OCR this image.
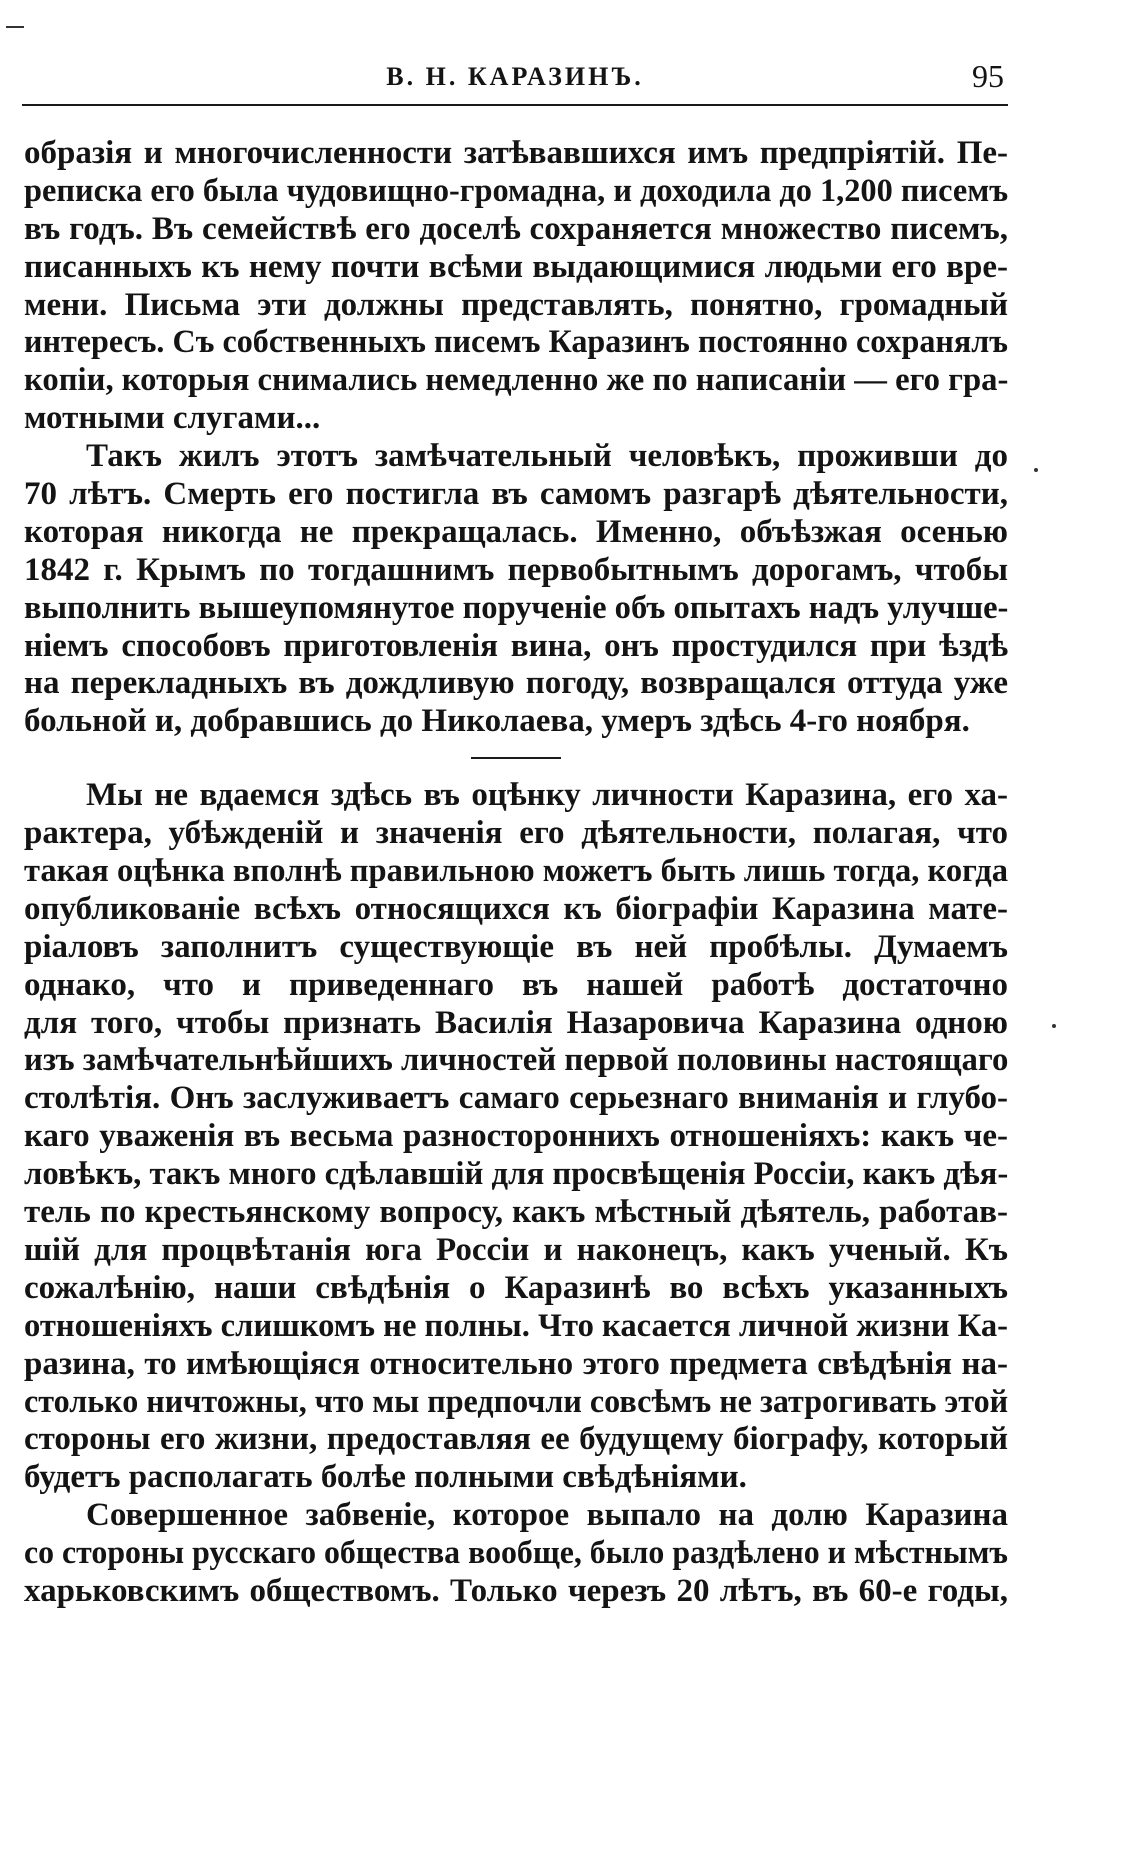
В. Н. КАРАЗИНЪ.	95
образія и многочисленности затѣвавшихся имъ предпріятій. Пе-
реписка его была чудовищно-громадна, и доходила до 1,200 писемъ
въ годъ. Въ семействѣ его доселѣ сохраняется множество писемъ,
писанныхъ къ нему почти всѣми выдающимися людьми его вре-
мени. Письма эти должны представлять, понятно, громадный
интересъ. Съ собственныхъ писемъ Каразинъ постоянно сохранялъ
копіи, которыя снимались немедленно же по написаніи — его гра-
мотными слугами...
Такъ жилъ этотъ замѣчательный человѣкъ, проживши до
70 лѣтъ. Смерть его постигла въ самомъ разгарѣ дѣятельности,
которая никогда не прекращалась. Именно, объѣзжая осенью
1842 г. Крымъ по тогдашнимъ первобытнымъ дорогамъ, чтобы
выполнить вышеупомянутое порученіе объ опытахъ надъ улучше-
ніемъ способовъ приготовленія вина, онъ простудился при ѣздѣ
на перекладныхъ въ дождливую погоду, возвращался оттуда уже
больной и, добравшись до Николаева, умеръ здѣсь 4-го ноября.
Мы не вдаемся здѣсь въ оцѣнку личности Каразина, его ха-
рактера, убѣжденій и значенія его дѣятельности, полагая, что
такая оцѣнка вполнѣ правильною можетъ быть лишь тогда, когда
опубликованіе всѣхъ относящихся къ біографіи Каразина мате-
ріаловъ заполнитъ существующіе въ ней пробѣлы. Думаемъ
однако, что и приведеннаго въ нашей работѣ достаточно
для того, чтобы признать Василія Назаровича Каразина одною
изъ замѣчательнѣйшихъ личностей первой половины настоящаго
столѣтія. Онъ заслуживаетъ самаго серьезнаго вниманія и глубо-
каго уваженія въ весьма разностороннихъ отношеніяхъ: какъ че-
ловѣкъ, такъ много сдѣлавшій для просвѣщенія Россіи, какъ дѣя-
тель по крестьянскому вопросу, какъ мѣстный дѣятель, работав-
шій для процвѣтанія юга Россіи и наконецъ, какъ ученый. Къ
сожалѣнію, наши свѣдѣнія о Каразинѣ во всѣхъ указанныхъ
отношеніяхъ слишкомъ не полны. Что касается личной жизни Ка-
разина, то имѣющіяся относительно этого предмета свѣдѣнія на-
столько ничтожны, что мы предпочли совсѣмъ не затрогивать этой
стороны его жизни, предоставляя ее будущему біографу, который
будетъ располагать болѣе полными свѣдѣніями.
Совершенное забвеніе, которое выпало на долю Каразина
со стороны русскаго общества вообще, было раздѣлено и мѣстнымъ
харьковскимъ обществомъ. Только черезъ 20 лѣтъ, въ 60-е годы,
